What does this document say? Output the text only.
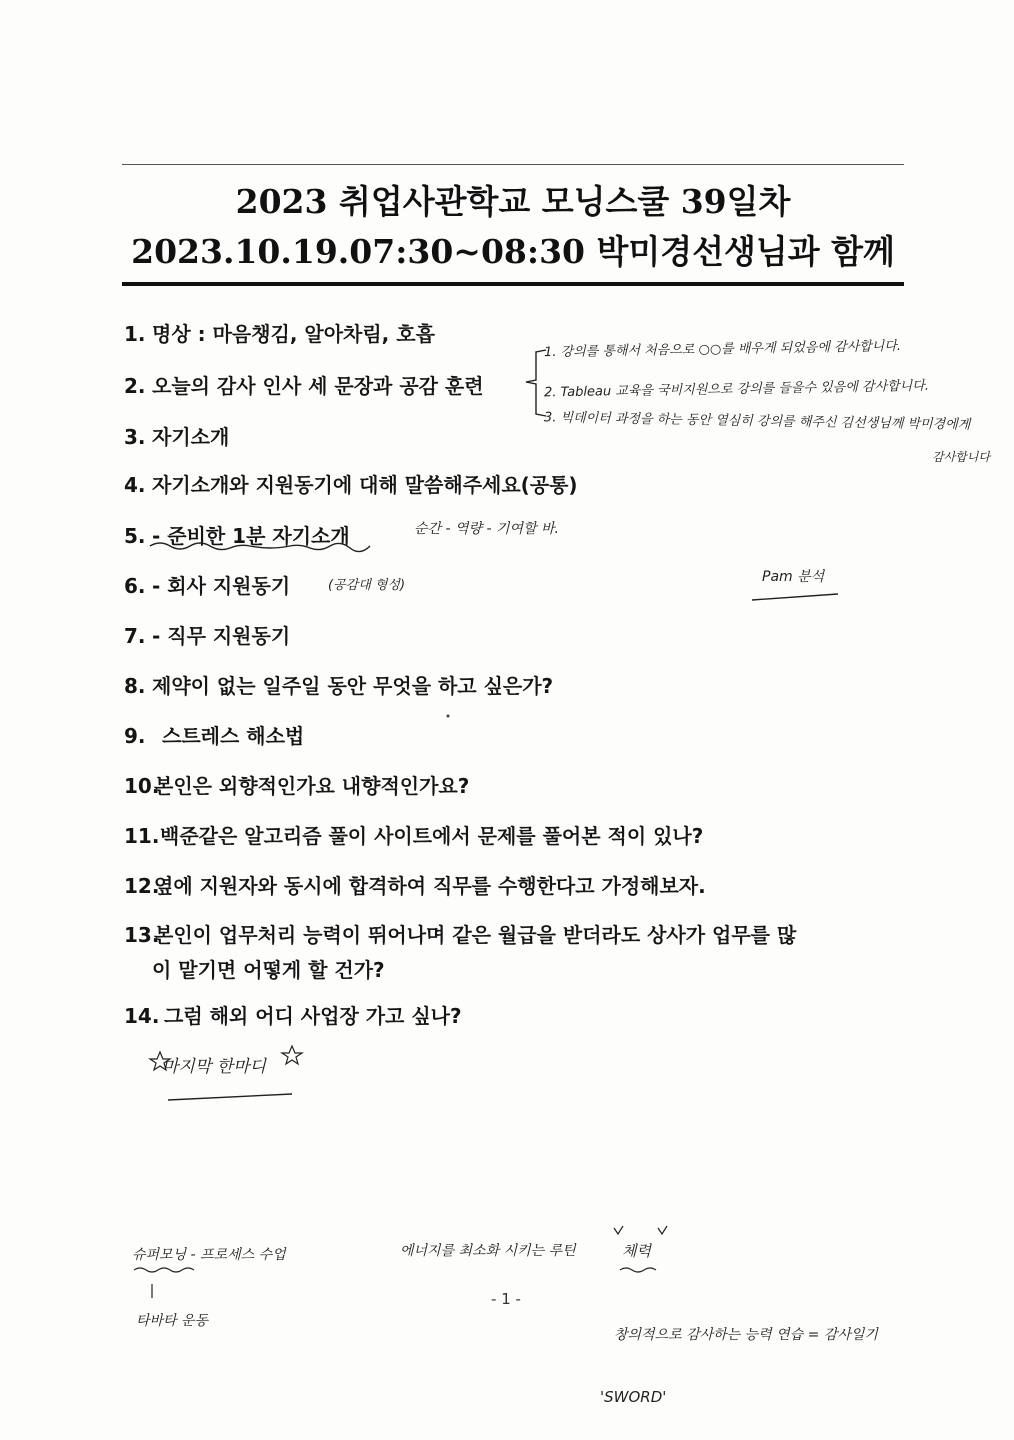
2023 취업사관학교 모닝스쿨 39일차
2023.10.19.07:30~08:30 박미경선생님과 함께
1. 명상 : 마음챙김, 알아차림, 호흡
2. 오늘의 감사 인사 세 문장과 공감 훈련
3. 자기소개
4. 자기소개와 지원동기에 대해 말씀해주세요(공통)
5. - 준비한 1분 자기소개
6. - 회사 지원동기
7. - 직무 지원동기
8. 제약이 없는 일주일 동안 무엇을 하고 싶은가?
9. 스트레스 해소법
10.본인은 외향적인가요 내향적인가요?
11.백준같은 알고리즘 풀이 사이트에서 문제를 풀어본 적이 있나?
12.옆에 지원자와 동시에 합격하여 직무를 수행한다고 가정해보자.
13.본인이 업무처리 능력이 뛰어나며 같은 월급을 받더라도 상사가 업무를 많
이 맡기면 어떻게 할 건가?
14. 그럼 해외 어디 사업장 가고 싶나?
1. 강의를 통해서 처음으로 ○○를 배우게 되었음에 감사합니다.
2. Tableau 교육을 국비지원으로 강의를 들을수 있음에 감사합니다.
3. 빅데이터 과정을 하는 동안 열심히 강의를 해주신 김선생님께 박미경에게
감사합니다
순간 - 역량 - 기여할 바.
(공감대 형성)
Pam 분석
마지막 한마디
슈퍼모닝 - 프로세스 수업	에너지를 최소화 시키는 루틴	체력
타바타 운동
창의적으로 감사하는 능력 연습 = 감사일기
'SWORD'
- 1 -
